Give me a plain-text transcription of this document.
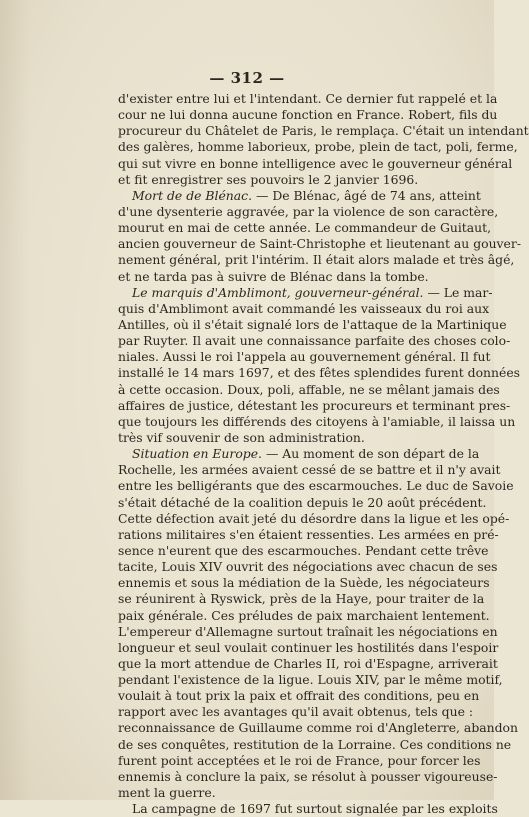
— 312 —
d'exister entre lui et l'intendant. Ce dernier fut rappelé et la
cour ne lui donna aucune fonction en France. Robert, fils du
procureur du Châtelet de Paris, le remplaça. C'était un intendant
des galères, homme laborieux, probe, plein de tact, poli, ferme,
qui sut vivre en bonne intelligence avec le gouverneur général
et fit enregistrer ses pouvoirs le 2 janvier 1696.
Mort de de Blénac. — De Blénac, âgé de 74 ans, atteint
d'une dysenterie aggravée, par la violence de son caractère,
mourut en mai de cette année. Le commandeur de Guitaut,
ancien gouverneur de Saint-Christophe et lieutenant au gouver-
nement général, prit l'intérim. Il était alors malade et très âgé,
et ne tarda pas à suivre de Blénac dans la tombe.
Le marquis d'Amblimont, gouverneur-général. — Le mar-
quis d'Amblimont avait commandé les vaisseaux du roi aux
Antilles, où il s'était signalé lors de l'attaque de la Martinique
par Ruyter. Il avait une connaissance parfaite des choses colo-
niales. Aussi le roi l'appela au gouvernement général. Il fut
installé le 14 mars 1697, et des fêtes splendides furent données
à cette occasion. Doux, poli, affable, ne se mêlant jamais des
affaires de justice, détestant les procureurs et terminant pres-
que toujours les différends des citoyens à l'amiable, il laissa un
très vif souvenir de son administration.
Situation en Europe. — Au moment de son départ de la
Rochelle, les armées avaient cessé de se battre et il n'y avait
entre les belligérants que des escarmouches. Le duc de Savoie
s'était détaché de la coalition depuis le 20 août précédent.
Cette défection avait jeté du désordre dans la ligue et les opé-
rations militaires s'en étaient ressenties. Les armées en pré-
sence n'eurent que des escarmouches. Pendant cette trêve
tacite, Louis XIV ouvrit des négociations avec chacun de ses
ennemis et sous la médiation de la Suède, les négociateurs
se réunirent à Ryswick, près de la Haye, pour traiter de la
paix générale. Ces préludes de paix marchaient lentement.
L'empereur d'Allemagne surtout traînait les négociations en
longueur et seul voulait continuer les hostilités dans l'espoir
que la mort attendue de Charles II, roi d'Espagne, arriverait
pendant l'existence de la ligue. Louis XIV, par le même motif,
voulait à tout prix la paix et offrait des conditions, peu en
rapport avec les avantages qu'il avait obtenus, tels que :
reconnaissance de Guillaume comme roi d'Angleterre, abandon
de ses conquêtes, restitution de la Lorraine. Ces conditions ne
furent point acceptées et le roi de France, pour forcer les
ennemis à conclure la paix, se résolut à pousser vigoureuse-
ment la guerre.
La campagne de 1697 fut surtout signalée par les exploits
